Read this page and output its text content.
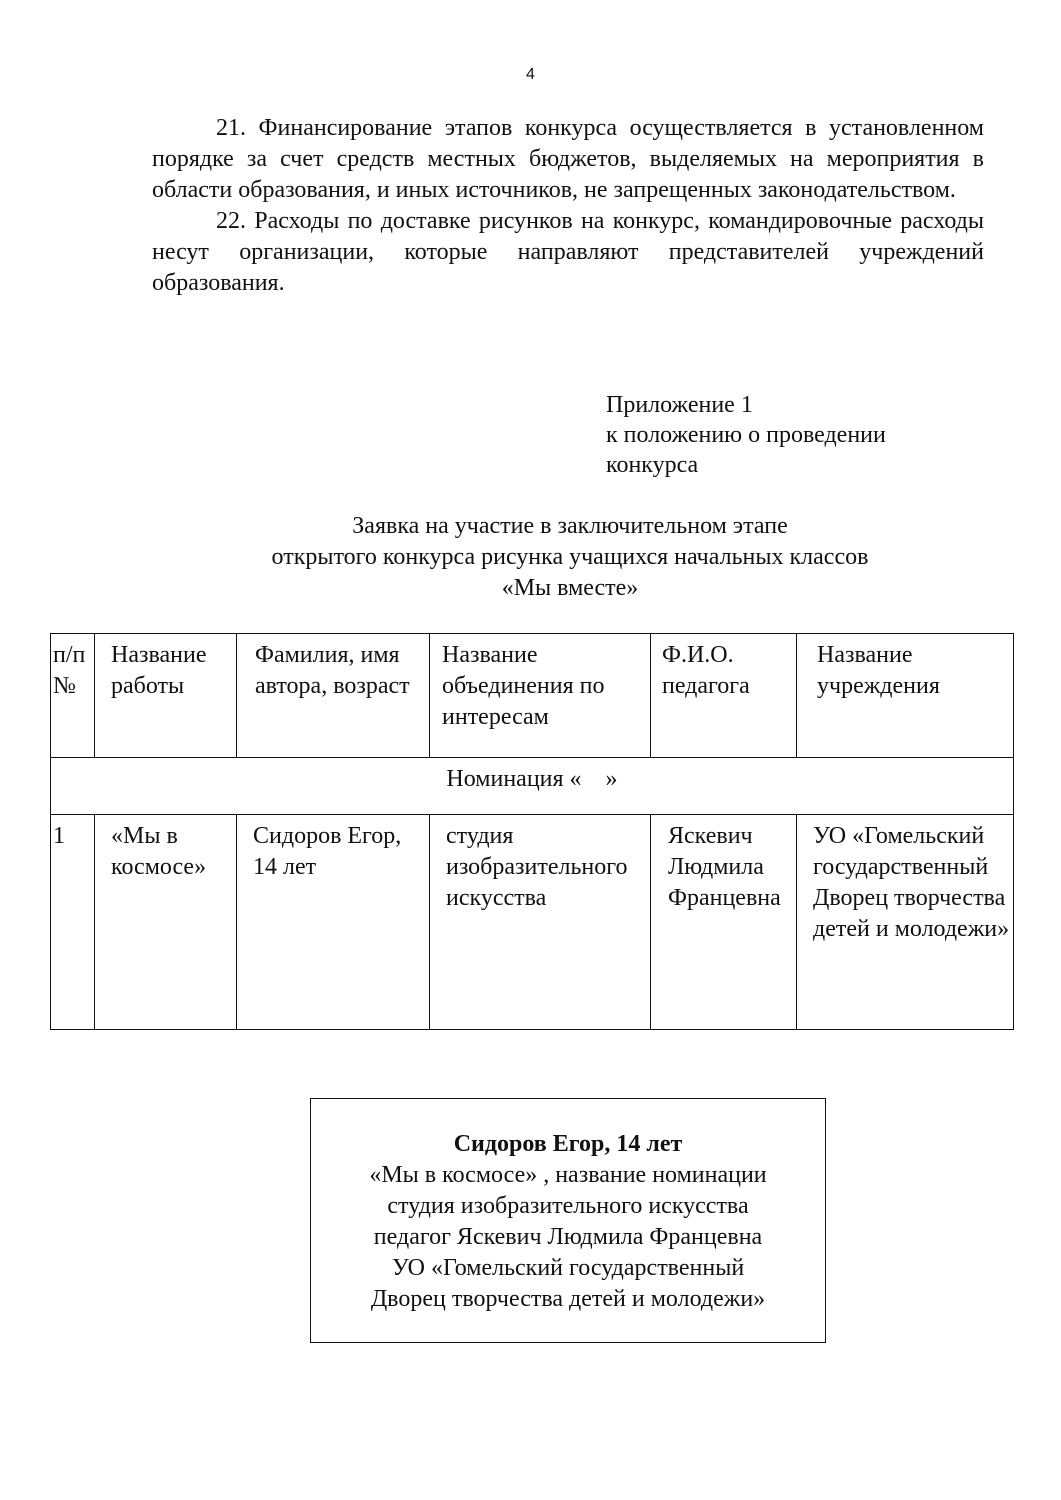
4

21. Финансирование этапов конкурса осуществляется в установленном порядке за счет средств местных бюджетов, выделяемых на мероприятия в области образования, и иных источников, не запрещенных законодательством.

22. Расходы по доставке рисунков на конкурс, командировочные расходы несут организации, которые направляют представителей учреждений образования.

Приложение 1
к положению о проведении
конкурса
Заявка на участие в заключительном этапе
открытого конкурса рисунка учащихся начальных классов
«Мы вместе»
п/п №	Название работы	Фамилия, имя автора, возраст	Название объединения по интересам	Ф.И.О. педагога	Название учреждения

Номинация «    »					

1	«Мы в космосе»	Сидоров Егор, 14 лет	студия изобразительного искусства	Яскевич Людмила Францевна	УО «Гомельский государственный Дворец творчества детей и молодежи»
Сидоров Егор, 14 лет
«Мы в космосе» , название номинации
студия изобразительного искусства
педагог Яскевич Людмила Францевна
УО «Гомельский государственный
Дворец творчества детей и молодежи»
